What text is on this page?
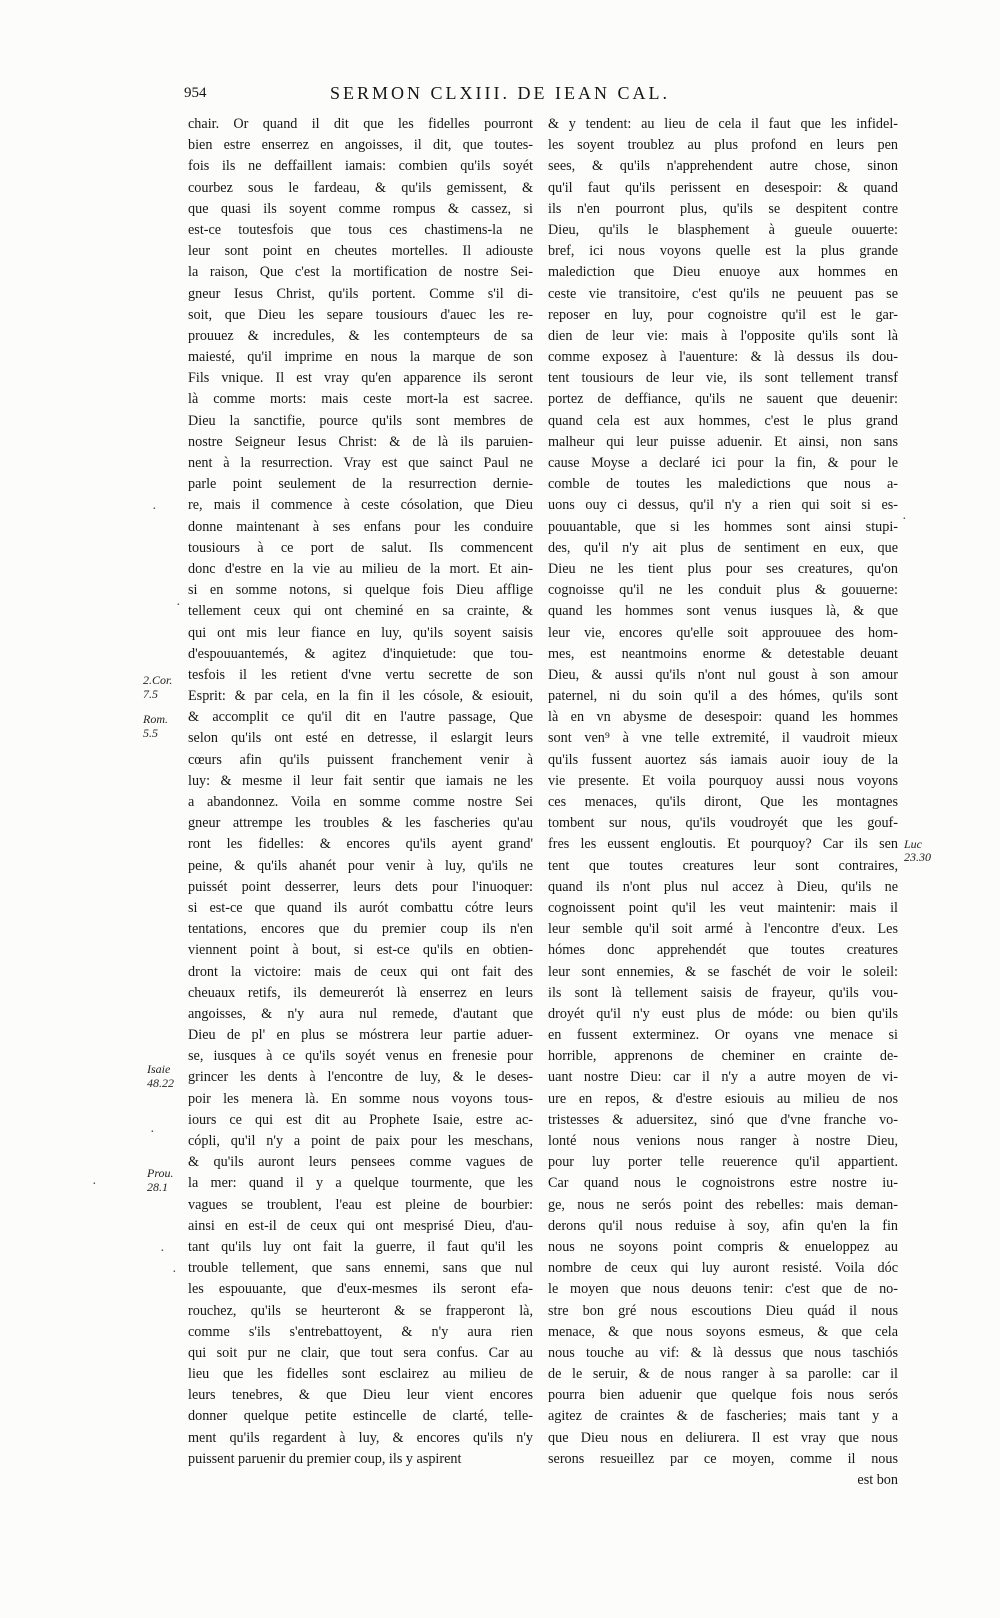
954	SERMON CLXIII. DE IEAN CAL.
chair. Or quand il dit que les fidelles pourront
bien estre enserrez en angoisses, il dit, que toutes-
fois ils ne deffaillent iamais: combien qu'ils soyét
courbez sous le fardeau, & qu'ils gemissent, &
que quasi ils soyent comme rompus & cassez, si
est-ce toutesfois que tous ces chastimens-la ne
leur sont point en cheutes mortelles. Il adiouste
la raison, Que c'est la mortification de nostre Sei-
gneur Iesus Christ, qu'ils portent. Comme s'il di-
soit, que Dieu les separe tousiours d'auec les re-
prouuez & incredules, & les contempteurs de sa
maiesté, qu'il imprime en nous la marque de son
Fils vnique. Il est vray qu'en apparence ils seront
là comme morts: mais ceste mort-la est sacree.
Dieu la sanctifie, pource qu'ils sont membres de
nostre Seigneur Iesus Christ: & de là ils paruien-
nent à la resurrection. Vray est que sainct Paul ne
parle point seulement de la resurrection dernie-
re, mais il commence à ceste cósolation, que Dieu
donne maintenant à ses enfans pour les conduire
tousiours à ce port de salut. Ils commencent
donc d'estre en la vie au milieu de la mort. Et ain-
si en somme notons, si quelque fois Dieu afflige
tellement ceux qui ont cheminé en sa crainte, &
qui ont mis leur fiance en luy, qu'ils soyent saisis
d'espouuantemés, & agitez d'inquietude: que tou-
tesfois il les retient d'vne vertu secrette de son
Esprit: & par cela, en la fin il les cósole, & esiouit,
& accomplit ce qu'il dit en l'autre passage, Que
selon qu'ils ont esté en detresse, il eslargit leurs
cœurs afin qu'ils puissent franchement venir à
luy: & mesme il leur fait sentir que iamais ne les
a abandonnez. Voila en somme comme nostre Sei
gneur attrempe les troubles & les fascheries qu'au
ront les fidelles: & encores qu'ils ayent grand'
peine, & qu'ils ahanét pour venir à luy, qu'ils ne
puissét point desserrer, leurs dets pour l'inuoquer:
si est-ce que quand ils aurót combattu cótre leurs
tentations, encores que du premier coup ils n'en
viennent point à bout, si est-ce qu'ils en obtien-
dront la victoire: mais de ceux qui ont fait des
cheuaux retifs, ils demeurerót là enserrez en leurs
angoisses, & n'y aura nul remede, d'autant que
Dieu de pl' en plus se móstrera leur partie aduer-
se, iusques à ce qu'ils soyét venus en frenesie pour
grincer les dents à l'encontre de luy, & le deses-
poir les menera là. En somme nous voyons tous-
iours ce qui est dit au Prophete Isaie, estre ac-
cópli, qu'il n'y a point de paix pour les meschans,
& qu'ils auront leurs pensees comme vagues de
la mer: quand il y a quelque tourmente, que les
vagues se troublent, l'eau est pleine de bourbier:
ainsi en est-il de ceux qui ont mesprisé Dieu, d'au-
tant qu'ils luy ont fait la guerre, il faut qu'il les
trouble tellement, que sans ennemi, sans que nul
les espouuante, que d'eux-mesmes ils seront efa-
rouchez, qu'ils se heurteront & se frapperont là,
comme s'ils s'entrebattoyent, & n'y aura rien
qui soit pur ne clair, que tout sera confus. Car au
lieu que les fidelles sont esclairez au milieu de
leurs tenebres, & que Dieu leur vient encores
donner quelque petite estincelle de clarté, telle-
ment qu'ils regardent à luy, & encores qu'ils n'y
puissent paruenir du premier coup, ils y aspirent
& y tendent: au lieu de cela il faut que les infidel-
les soyent troublez au plus profond en leurs pen
sees, & qu'ils n'apprehendent autre chose, sinon
qu'il faut qu'ils perissent en desespoir: & quand
ils n'en pourront plus, qu'ils se despitent contre
Dieu, qu'ils le blasphement à gueule ouuerte:
bref, ici nous voyons quelle est la plus grande
malediction que Dieu enuoye aux hommes en
ceste vie transitoire, c'est qu'ils ne peuuent pas se
reposer en luy, pour cognoistre qu'il est le gar-
dien de leur vie: mais à l'opposite qu'ils sont là
comme exposez à l'auenture: & là dessus ils dou-
tent tousiours de leur vie, ils sont tellement transf
portez de deffiance, qu'ils ne sauent que deuenir:
quand cela est aux hommes, c'est le plus grand
malheur qui leur puisse aduenir. Et ainsi, non sans
cause Moyse a declaré ici pour la fin, & pour le
comble de toutes les maledictions que nous a-
uons ouy ci dessus, qu'il n'y a rien qui soit si es-
pouuantable, que si les hommes sont ainsi stupi-
des, qu'il n'y ait plus de sentiment en eux, que
Dieu ne les tient plus pour ses creatures, qu'on
cognoisse qu'il ne les conduit plus & gouuerne:
quand les hommes sont venus iusques là, & que
leur vie, encores qu'elle soit approuuee des hom-
mes, est neantmoins enorme & detestable deuant
Dieu, & aussi qu'ils n'ont nul goust à son amour
paternel, ni du soin qu'il a des hómes, qu'ils sont
là en vn abysme de desespoir: quand les hommes
sont ven⁹ à vne telle extremité, il vaudroit mieux
qu'ils fussent auortez sás iamais auoir iouy de la
vie presente. Et voila pourquoy aussi nous voyons
ces menaces, qu'ils diront, Que les montagnes
tombent sur nous, qu'ils voudroyét que les gouf-
fres les eussent engloutis. Et pourquoy? Car ils sen
tent que toutes creatures leur sont contraires,
quand ils n'ont plus nul accez à Dieu, qu'ils ne
cognoissent point qu'il les veut maintenir: mais il
leur semble qu'il soit armé à l'encontre d'eux. Les
hómes donc apprehendét que toutes creatures
leur sont ennemies, & se faschét de voir le soleil:
ils sont là tellement saisis de frayeur, qu'ils vou-
droyét qu'il n'y eust plus de móde: ou bien qu'ils
en fussent exterminez. Or oyans vne menace si
horrible, apprenons de cheminer en crainte de-
uant nostre Dieu: car il n'y a autre moyen de vi-
ure en repos, & d'estre esiouis au milieu de nos
tristesses & aduersitez, sinó que d'vne franche vo-
lonté nous venions nous ranger à nostre Dieu,
pour luy porter telle reuerence qu'il appartient.
Car quand nous le cognoistrons estre nostre iu-
ge, nous ne serós point des rebelles: mais deman-
derons qu'il nous reduise à soy, afin qu'en la fin
nous ne soyons point compris & enueloppez au
nombre de ceux qui luy auront resisté. Voila dóc
le moyen que nous deuons tenir: c'est que de no-
stre bon gré nous escoutions Dieu quád il nous
menace, & que nous soyons esmeus, & que cela
nous touche au vif: & là dessus que nous taschiós
de le seruir, & de nous ranger à sa parolle: car il
pourra bien aduenir que quelque fois nous serós
agitez de craintes & de fascheries; mais tant y a
que Dieu nous en deliurera. Il est vray que nous
serons resueillez par ce moyen, comme il nous
est bon
2.Cor.
7.5
Rom.
5.5
Isaie
48.22
Prou.
28.1
Luc
23.30
·
·
·
·
·
·
·
